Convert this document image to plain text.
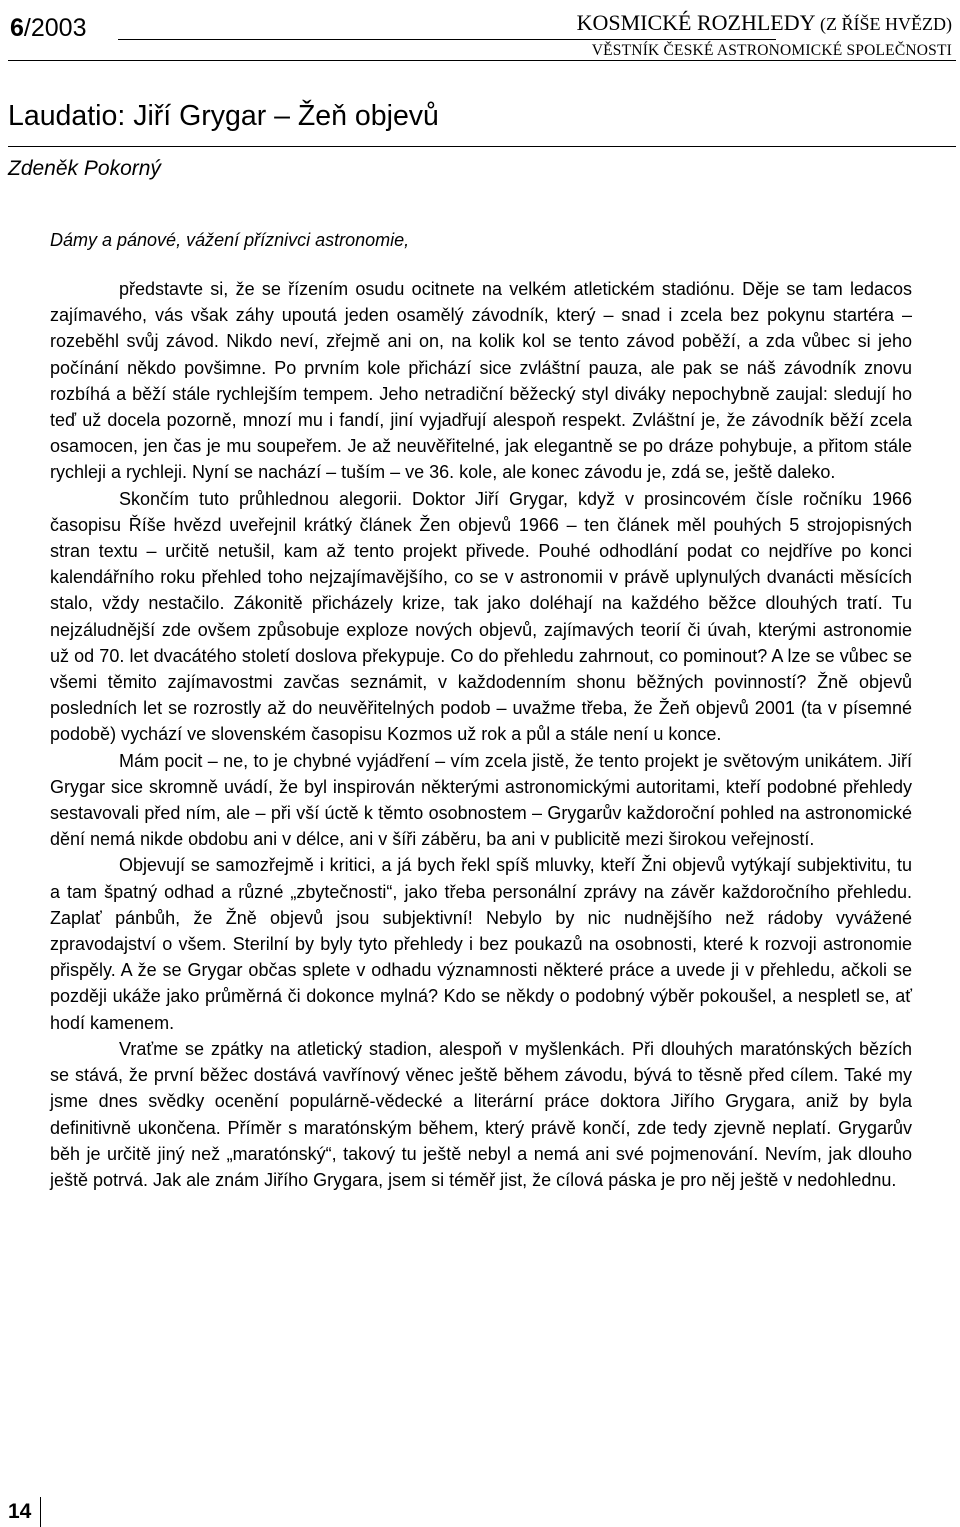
6/2003	KOSMICKÉ ROZHLEDY (Z ŘÍŠE HVĚZD)
VĚSTNÍK ČESKÉ ASTRONOMICKÉ SPOLEČNOSTI
Laudatio: Jiří Grygar – Žeň objevů
Zdeněk Pokorný
Dámy a pánové, vážení příznivci astronomie,

představte si, že se řízením osudu ocitnete na velkém atletickém stadiónu. Děje se tam ledacos zajímavého, vás však záhy upoutá jeden osamělý závodník, který – snad i zcela bez pokynu startéra – rozeběhl svůj závod. Nikdo neví, zřejmě ani on, na kolik kol se tento závod poběží, a zda vůbec si jeho počínání někdo povšimne. Po prvním kole přichází sice zvláštní pauza, ale pak se náš závodník znovu rozbíhá a běží stále rychlejším tempem. Jeho netradiční běžecký styl diváky nepochybně zaujal: sledují ho teď už docela pozorně, mnozí mu i fandí, jiní vyjadřují alespoň respekt. Zvláštní je, že závodník běží zcela osamocen, jen čas je mu soupeřem. Je až neuvěřitelné, jak elegantně se po dráze pohybuje, a přitom stále rychleji a rychleji. Nyní se nachází – tuším – ve 36. kole, ale konec závodu je, zdá se, ještě daleko.

Skončím tuto průhlednou alegorii. Doktor Jiří Grygar, když v prosincovém čísle ročníku 1966 časopisu Říše hvězd uveřejnil krátký článek Žen objevů 1966 – ten článek měl pouhých 5 strojopisných stran textu – určitě netušil, kam až tento projekt přivede. Pouhé odhodlání podat co nejdříve po konci kalendářního roku přehled toho nejzajímavějšího, co se v astronomii v právě uplynulých dvanácti měsících stalo, vždy nestačilo. Zákonitě přicházely krize, tak jako doléhají na každého běžce dlouhých tratí. Tu nejzáludnější zde ovšem způsobuje exploze nových objevů, zajímavých teorií či úvah, kterými astronomie už od 70. let dvacátého století doslova překypuje. Co do přehledu zahrnout, co pominout? A lze se vůbec se všemi těmito zajímavostmi zavčas seznámit, v každodenním shonu běžných povinností? Žně objevů posledních let se rozrostly až do neuvěřitelných podob – uvažme třeba, že Žeň objevů 2001 (ta v písemné podobě) vychází ve slovenském časopisu Kozmos už rok a půl a stále není u konce.

Mám pocit – ne, to je chybné vyjádření – vím zcela jistě, že tento projekt je světovým unikátem. Jiří Grygar sice skromně uvádí, že byl inspirován některými astronomickými autoritami, kteří podobné přehledy sestavovali před ním, ale – při vší úctě k těmto osobnostem – Grygarův každoroční pohled na astronomické dění nemá nikde obdobu ani v délce, ani v šíři záběru, ba ani v publicitě mezi širokou veřejností.

Objevují se samozřejmě i kritici, a já bych řekl spíš mluvky, kteří Žni objevů vytýkají subjektivitu, tu a tam špatný odhad a různé „zbytečnosti“, jako třeba personální zprávy na závěr každoročního přehledu. Zaplať pánbůh, že Žně objevů jsou subjektivní! Nebylo by nic nudnějšího než rádoby vyvážené zpravodajství o všem. Sterilní by byly tyto přehledy i bez poukazů na osobnosti, které k rozvoji astronomie přispěly. A že se Grygar občas splete v odhadu významnosti některé práce a uvede ji v přehledu, ačkoli se později ukáže jako průměrná či dokonce mylná? Kdo se někdy o podobný výběr pokoušel, a nespletl se, ať hodí kamenem.

Vraťme se zpátky na atletický stadion, alespoň v myšlenkách. Při dlouhých maratónských bězích se stává, že první běžec dostává vavřínový věnec ještě během závodu, bývá to těsně před cílem. Také my jsme dnes svědky ocenění populárně-vědecké a literární práce doktora Jiřího Grygara, aniž by byla definitivně ukončena. Příměr s maratónským během, který právě končí, zde tedy zjevně neplatí. Grygarův běh je určitě jiný než „maratónský“, takový tu ještě nebyl a nemá ani své pojmenování. Nevím, jak dlouho ještě potrvá. Jak ale znám Jiřího Grygara, jsem si téměř jist, že cílová páska je pro něj ještě v nedohlednu.

14
